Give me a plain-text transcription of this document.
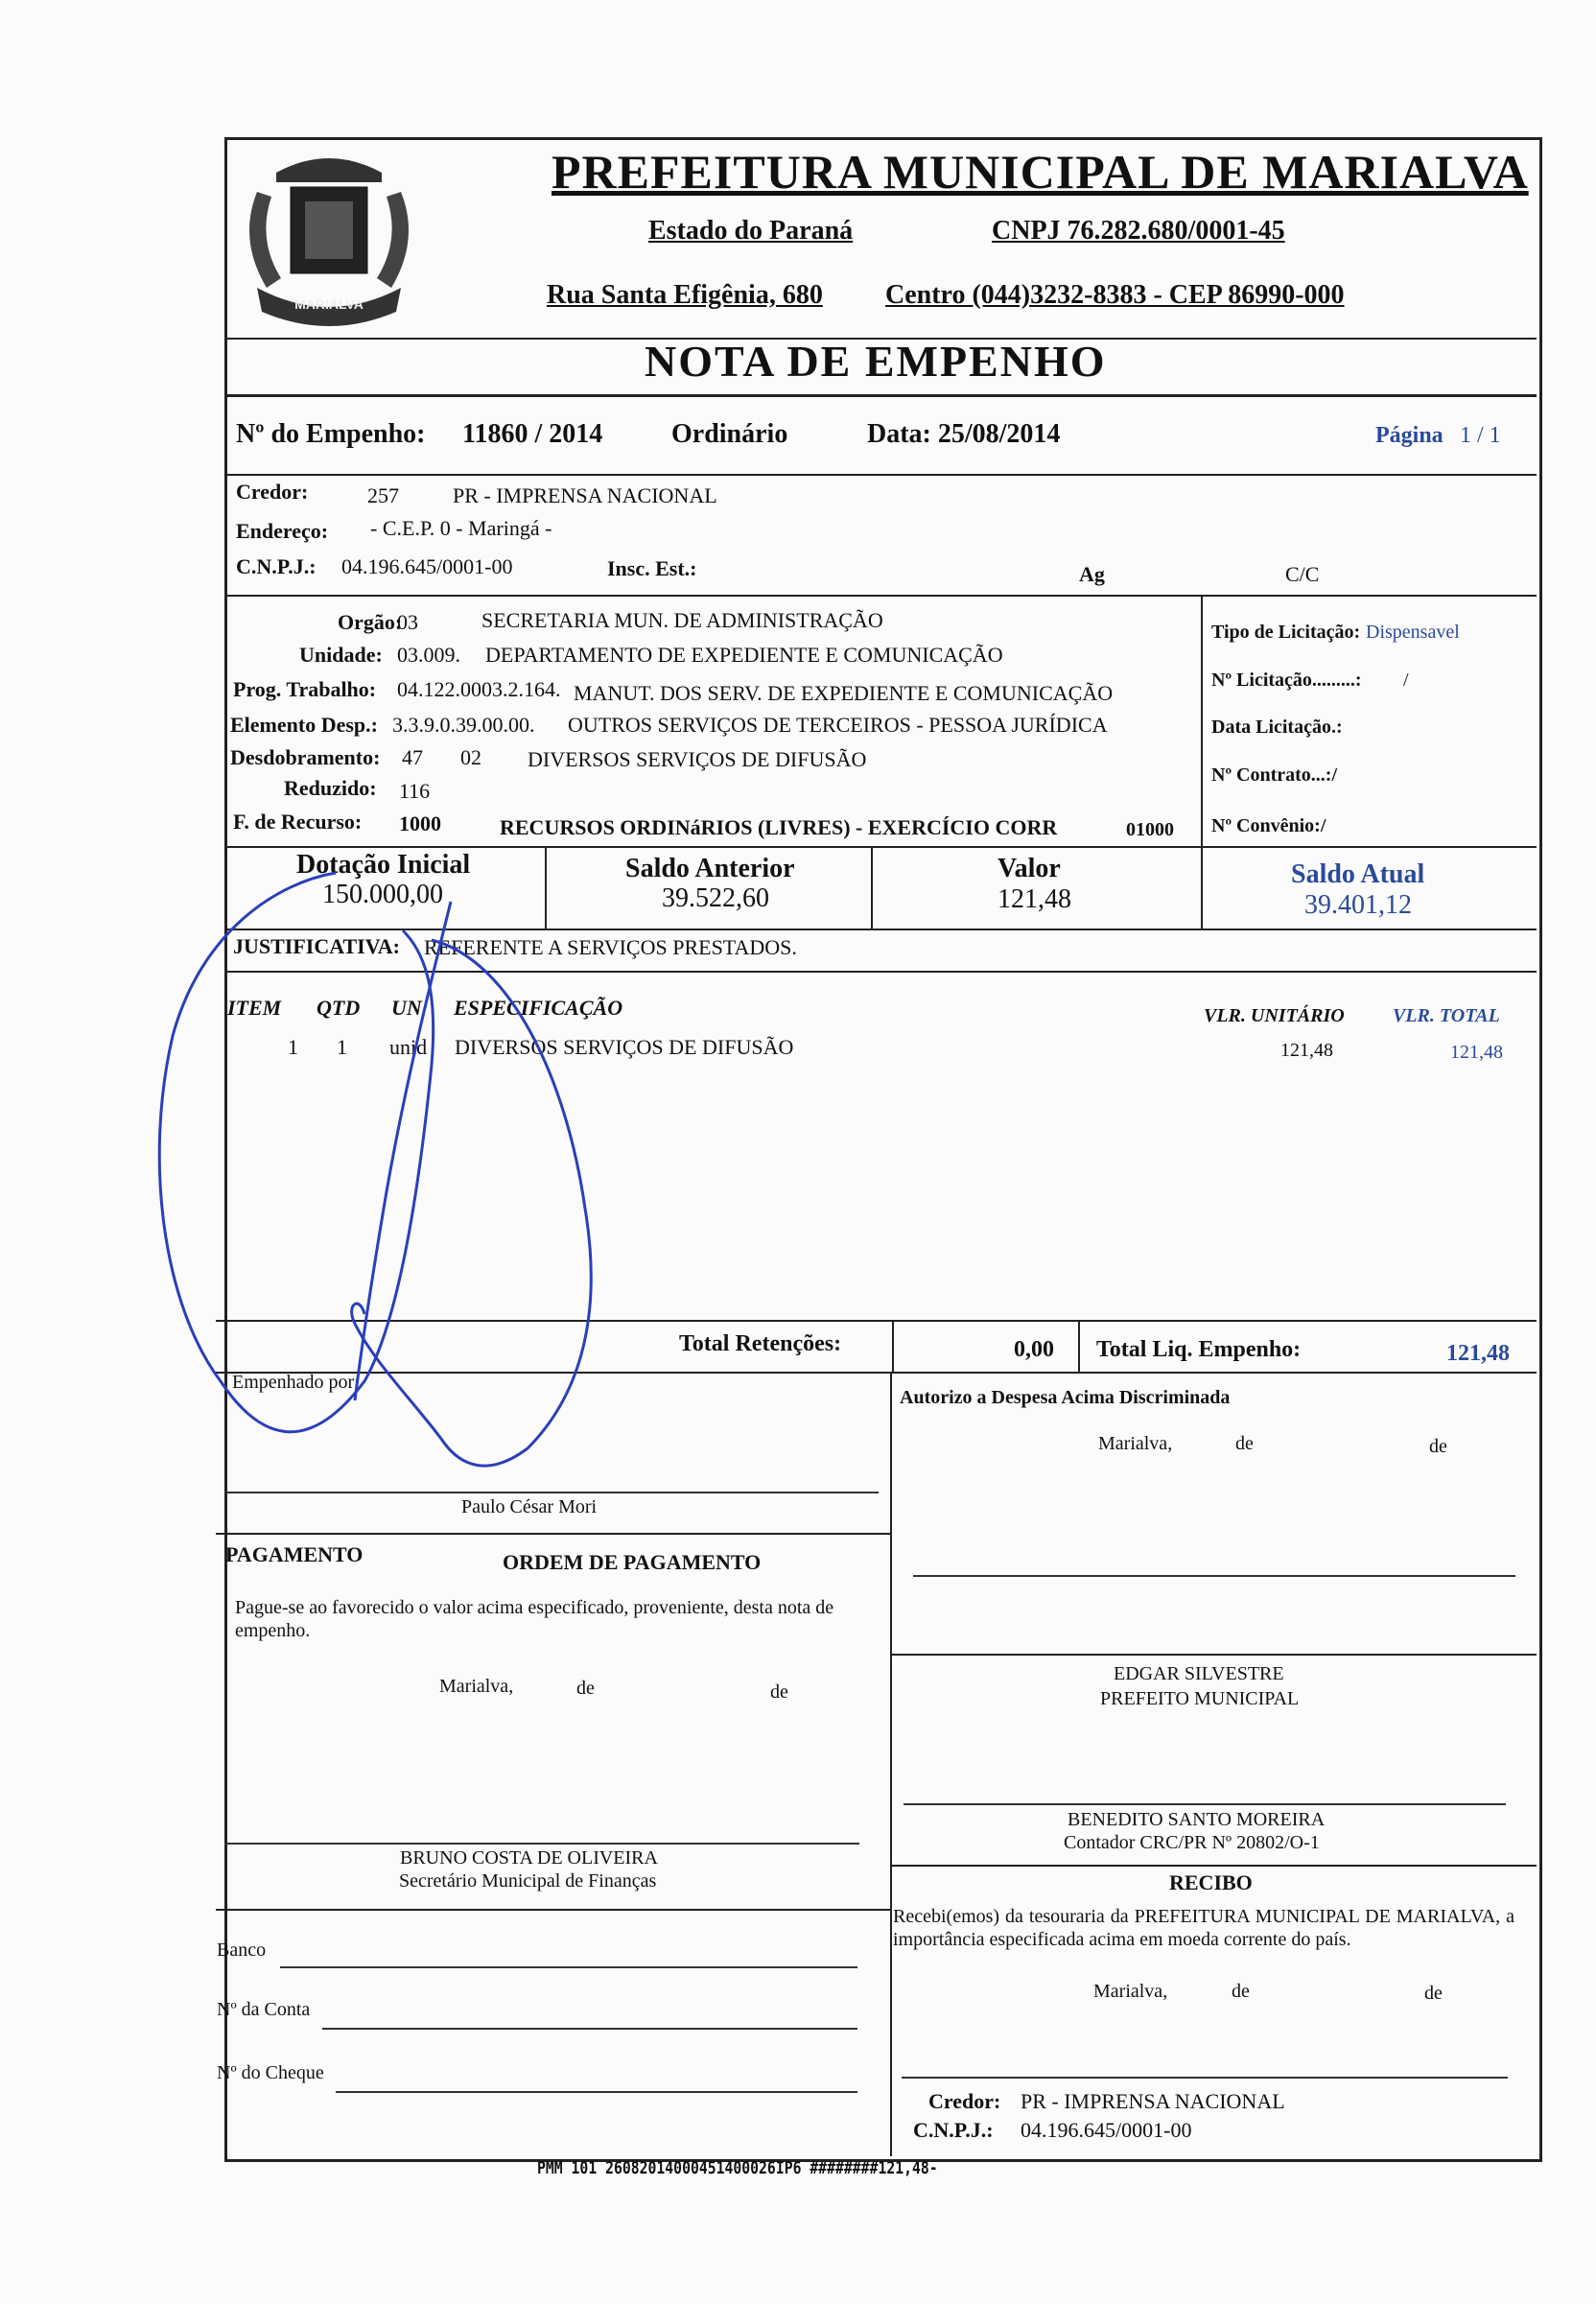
MARIALVA
PREFEITURA MUNICIPAL DE MARIALVA
Estado do Paraná	CNPJ 76.282.680/0001-45
Rua Santa Efigênia, 680 Centro (044)3232-8383 - CEP 86990-000
NOTA DE EMPENHO
Nº do Empenho: 11860 / 2014	Ordinário	Data: 25/08/2014	Página 1 / 1
Credor:	257	PR - IMPRENSA NACIONAL
Endereço: - C.E.P. 0 - Maringá -
C.N.P.J.: 04.196.645/0001-00	Insc. Est.:	Ag	C/C
Orgão:
03	SECRETARIA MUN. DE ADMINISTRAÇÃO
Unidade: 03.009. DEPARTAMENTO DE EXPEDIENTE E COMUNICAÇÃO
Prog. Trabalho: 04.122.0003.2.164. MANUT. DOS SERV. DE EXPEDIENTE E COMUNICAÇÃO
Elemento Desp.: 3.3.9.0.39.00.00. OUTROS SERVIÇOS DE TERCEIROS - PESSOA JURÍDICA
Desdobramento: 47 02 DIVERSOS SERVIÇOS DE DIFUSÃO
Reduzido: 116
F. de Recurso: 1000	RECURSOS ORDINáRIOS (LIVRES) - EXERCÍCIO CORR	01000
Tipo de Licitação: Dispensavel
Nº Licitação.........: /
Data Licitação.:
Nº Contrato...:/
Nº Convênio:/
Dotação Inicial
150.000,00
Saldo Anterior
39.522,60
Valor
121,48
Saldo Atual
39.401,12
JUSTIFICATIVA: REFERENTE A SERVIÇOS PRESTADOS.
ITEM QTD UN ESPECIFICAÇÃO	VLR. UNITÁRIO	VLR. TOTAL
1 1 unid DIVERSOS SERVIÇOS DE DIFUSÃO	121,48	121,48
Total Retenções:	0,00 Total Liq. Empenho:	121,48
Empenhado por:
Autorizo a Despesa Acima Discriminada
Marialva,	de	de
Paulo César Mori
PAGAMENTO	ORDEM DE PAGAMENTO
Pague-se ao favorecido o valor acima especificado, proveniente, desta nota de empenho.
Marialva,	de	de
EDGAR SILVESTRE
PREFEITO MUNICIPAL
BENEDITO SANTO MOREIRA
Contador CRC/PR Nº 20802/O-1
BRUNO COSTA DE OLIVEIRA
Secretário Municipal de Finanças	RECIBO
Recebi(emos) da tesouraria da PREFEITURA MUNICIPAL DE MARIALVA, a importância especificada acima em moeda corrente do país.
Marialva,	de	de
Credor: PR - IMPRENSA NACIONAL
C.N.P.J.: 04.196.645/0001-00
Banco
Nº da Conta
Nº do Cheque
PMM 101 26082014000451400026IP6 ########121,48-
